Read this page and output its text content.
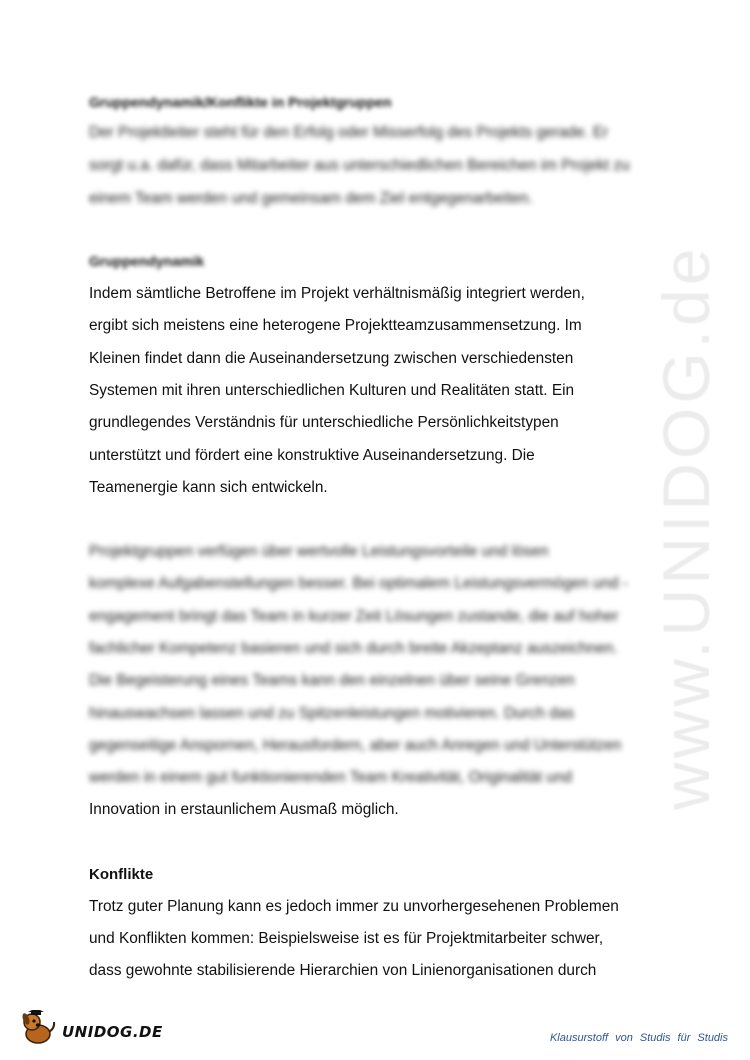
www.UNIDOG.de
Gruppendynamik/Konflikte in Projektgruppen
Der Projektleiter steht für den Erfolg oder Misserfolg des Projekts gerade. Er
sorgt u.a. dafür, dass Mitarbeiter aus unterschiedlichen Bereichen im Projekt zu
einem Team werden und gemeinsam dem Ziel entgegenarbeiten.
Gruppendynamik
Indem sämtliche Betroffene im Projekt verhältnismäßig integriert werden,
ergibt sich meistens eine heterogene Projektteamzusammensetzung. Im
Kleinen findet dann die Auseinandersetzung zwischen verschiedensten
Systemen mit ihren unterschiedlichen Kulturen und Realitäten statt. Ein
grundlegendes Verständnis für unterschiedliche Persönlichkeitstypen
unterstützt und fördert eine konstruktive Auseinandersetzung. Die
Teamenergie kann sich entwickeln.
Projektgruppen verfügen über wertvolle Leistungsvorteile und lösen
komplexe Aufgabenstellungen besser. Bei optimalem Leistungsvermögen und -
engagement bringt das Team in kurzer Zeit Lösungen zustande, die auf hoher
fachlicher Kompetenz basieren und sich durch breite Akzeptanz auszeichnen.
Die Begeisterung eines Teams kann den einzelnen über seine Grenzen
hinauswachsen lassen und zu Spitzenleistungen motivieren. Durch das
gegenseitige Anspornen, Herausfordern, aber auch Anregen und Unterstützen
werden in einem gut funktionierenden Team Kreativität, Originalität und
Innovation in erstaunlichem Ausmaß möglich.
Konflikte
Trotz guter Planung kann es jedoch immer zu unvorhergesehenen Problemen
und Konflikten kommen: Beispielsweise ist es für Projektmitarbeiter schwer,
dass gewohnte stabilisierende Hierarchien von Linienorganisationen durch
UNIDOG.DE	Klausurstoff von Studis für Studis
